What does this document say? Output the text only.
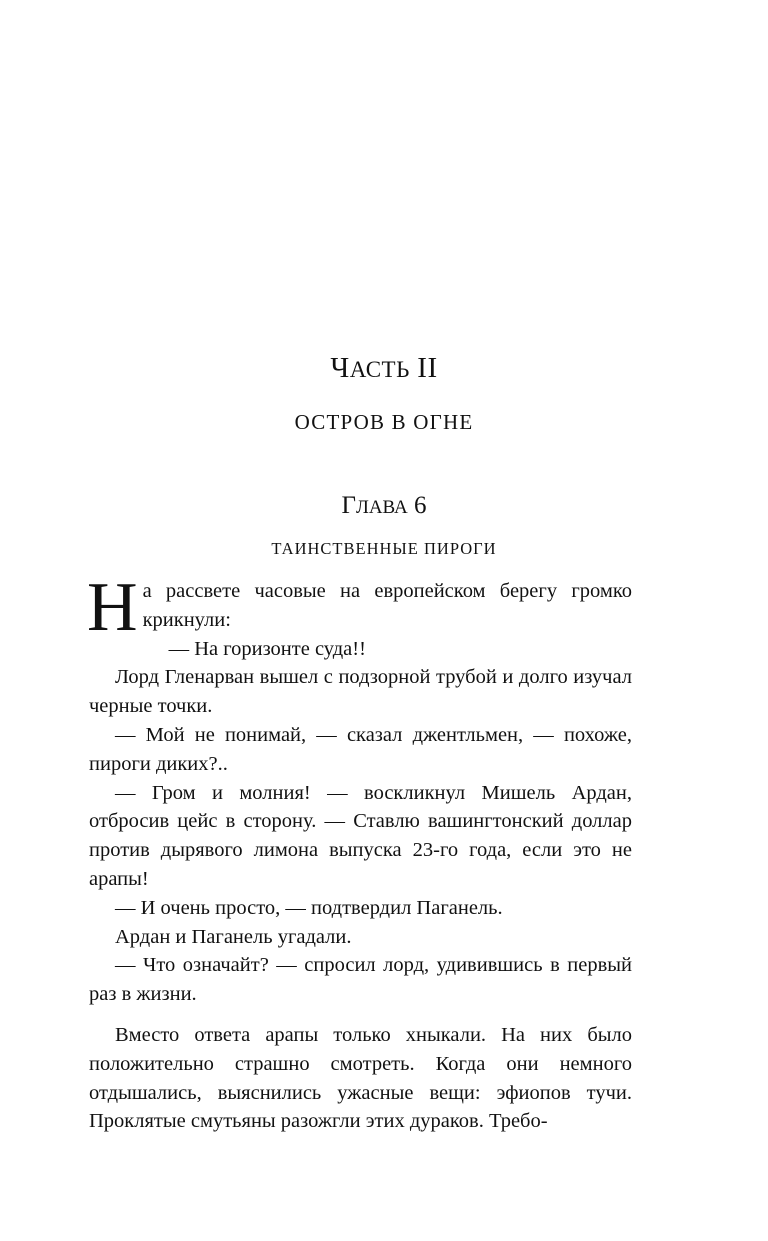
ЧАСТЬ II
ОСТРОВ В ОГНЕ
ГЛАВА 6
ТАИНСТВЕННЫЕ ПИРОГИ

На рассвете часовые на европейском берегу громко крикнули:

— На горизонте суда!!

Лорд Гленарван вышел с подзорной трубой и долго изучал черные точки.

— Мой не понимай, — сказал джентльмен, — похоже, пироги диких?..

— Гром и молния! — воскликнул Мишель Ардан, отбросив цейс в сторону. — Ставлю вашингтонский доллар против дырявого лимона выпуска 23-го года, если это не арапы!

— И очень просто, — подтвердил Паганель.

Ардан и Паганель угадали.

— Что означайт? — спросил лорд, удивившись в первый раз в жизни.

Вместо ответа арапы только хныкали. На них было положительно страшно смотреть. Когда они немного отдышались, выяснились ужасные вещи: эфиопов тучи. Проклятые смутьяны разожгли этих дураков. Требо-
